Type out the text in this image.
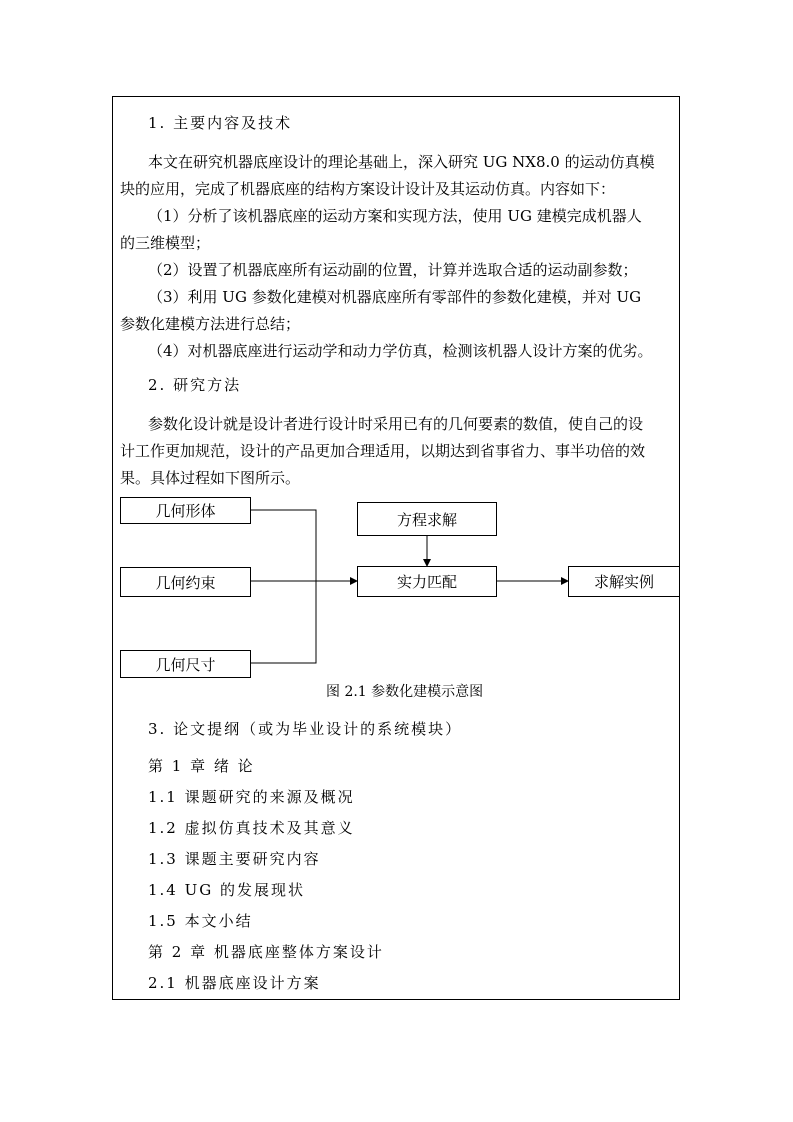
1. 主要内容及技术
本文在研究机器底座设计的理论基础上，深入研究 UG NX8.0 的运动仿真模
块的应用，完成了机器底座的结构方案设计设计及其运动仿真。内容如下：
（1）分析了该机器底座的运动方案和实现方法，使用 UG 建模完成机器人
的三维模型；
（2）设置了机器底座所有运动副的位置，计算并选取合适的运动副参数；
（3）利用 UG 参数化建模对机器底座所有零部件的参数化建模，并对 UG
参数化建模方法进行总结；
（4）对机器底座进行运动学和动力学仿真，检测该机器人设计方案的优劣。
2. 研究方法
参数化设计就是设计者进行设计时采用已有的几何要素的数值，使自己的设
计工作更加规范，设计的产品更加合理适用，以期达到省事省力、事半功倍的效
果。具体过程如下图所示。
几何形体
几何约束
几何尺寸
方程求解
实力匹配	求解实例
图 2.1 参数化建模示意图
3. 论文提纲（或为毕业设计的系统模块）
第 1 章 绪 论
1.1 课题研究的来源及概况
1.2 虚拟仿真技术及其意义
1.3 课题主要研究内容
1.4 UG 的发展现状
1.5 本文小结
第 2 章 机器底座整体方案设计
2.1 机器底座设计方案
